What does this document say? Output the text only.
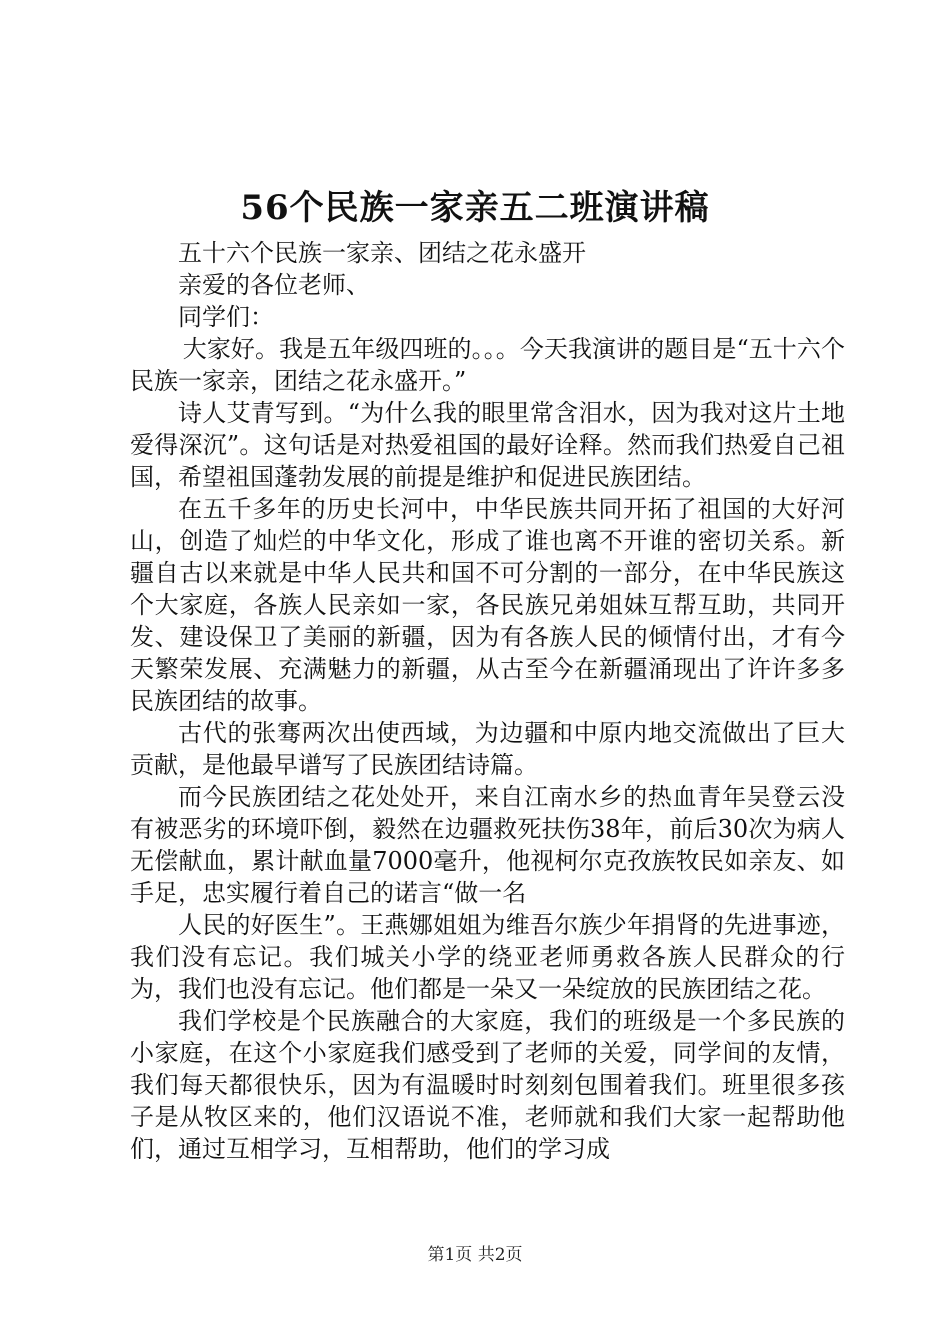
56个民族一家亲五二班演讲稿

五十六个民族一家亲、团结之花永盛开

亲爱的各位老师、

同学们：

大家好。我是五年级四班的。。。今天我演讲的题目是“五十六个民族一家亲，团结之花永盛开。”

诗人艾青写到。“为什么我的眼里常含泪水，因为我对这片土地爱得深沉”。这句话是对热爱祖国的最好诠释。然而我们热爱自己祖国，希望祖国蓬勃发展的前提是维护和促进民族团结。

在五千多年的历史长河中，中华民族共同开拓了祖国的大好河山，创造了灿烂的中华文化，形成了谁也离不开谁的密切关系。新疆自古以来就是中华人民共和国不可分割的一部分，在中华民族这个大家庭，各族人民亲如一家，各民族兄弟姐妹互帮互助，共同开发、建设保卫了美丽的新疆，因为有各族人民的倾情付出，才有今天繁荣发展、充满魅力的新疆，从古至今在新疆涌现出了许许多多民族团结的故事。

古代的张骞两次出使西域，为边疆和中原内地交流做出了巨大贡献，是他最早谱写了民族团结诗篇。

而今民族团结之花处处开，来自江南水乡的热血青年吴登云没有被恶劣的环境吓倒，毅然在边疆救死扶伤38年，前后30次为病人无偿献血，累计献血量7000毫升，他视柯尔克孜族牧民如亲友、如手足，忠实履行着自己的诺言“做一名

人民的好医生”。王燕娜姐姐为维吾尔族少年捐肾的先进事迹，我们没有忘记。我们城关小学的绕亚老师勇救各族人民群众的行为，我们也没有忘记。他们都是一朵又一朵绽放的民族团结之花。

我们学校是个民族融合的大家庭，我们的班级是一个多民族的小家庭，在这个小家庭我们感受到了老师的关爱，同学间的友情，我们每天都很快乐，因为有温暖时时刻刻包围着我们。班里很多孩子是从牧区来的，他们汉语说不准，老师就和我们大家一起帮助他们，通过互相学习，互相帮助，他们的学习成

第1页 共2页
